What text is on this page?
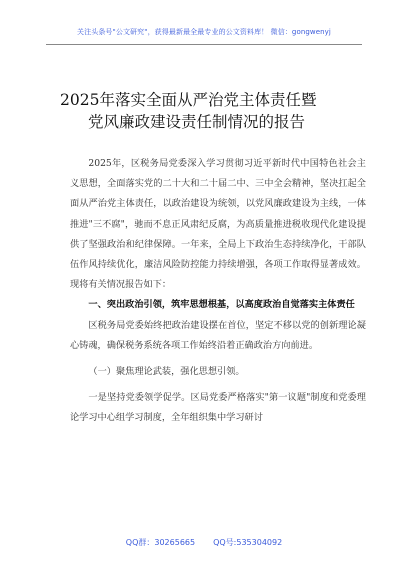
关注头条号"公文研究"，获得最新最全最专业的公文资料库！ 微信：gongwenyj
2025年落实全面从严治党主体责任暨
党风廉政建设责任制情况的报告

2025年，区税务局党委深入学习贯彻习近平新时代中国特色社会主义思想，全面落实党的二十大和二十届二中、三中全会精神，坚决扛起全面从严治党主体责任，以政治建设为统领，以党风廉政建设为主线，一体推进"三不腐"，驰而不息正风肃纪反腐，为高质量推进税收现代化建设提供了坚强政治和纪律保障。一年来，全局上下政治生态持续净化，干部队伍作风持续优化，廉洁风险防控能力持续增强，各项工作取得显著成效。现将有关情况报告如下：

一、突出政治引领，筑牢思想根基，以高度政治自觉落实主体责任

区税务局党委始终把政治建设摆在首位，坚定不移以党的创新理论凝心铸魂，确保税务系统各项工作始终沿着正确政治方向前进。

（一）聚焦理论武装，强化思想引领。

一是坚持党委领学促学。区局党委严格落实"第一议题"制度和党委理论学习中心组学习制度，全年组织集中学习研讨

QQ群：30265665 QQ号:535304092
